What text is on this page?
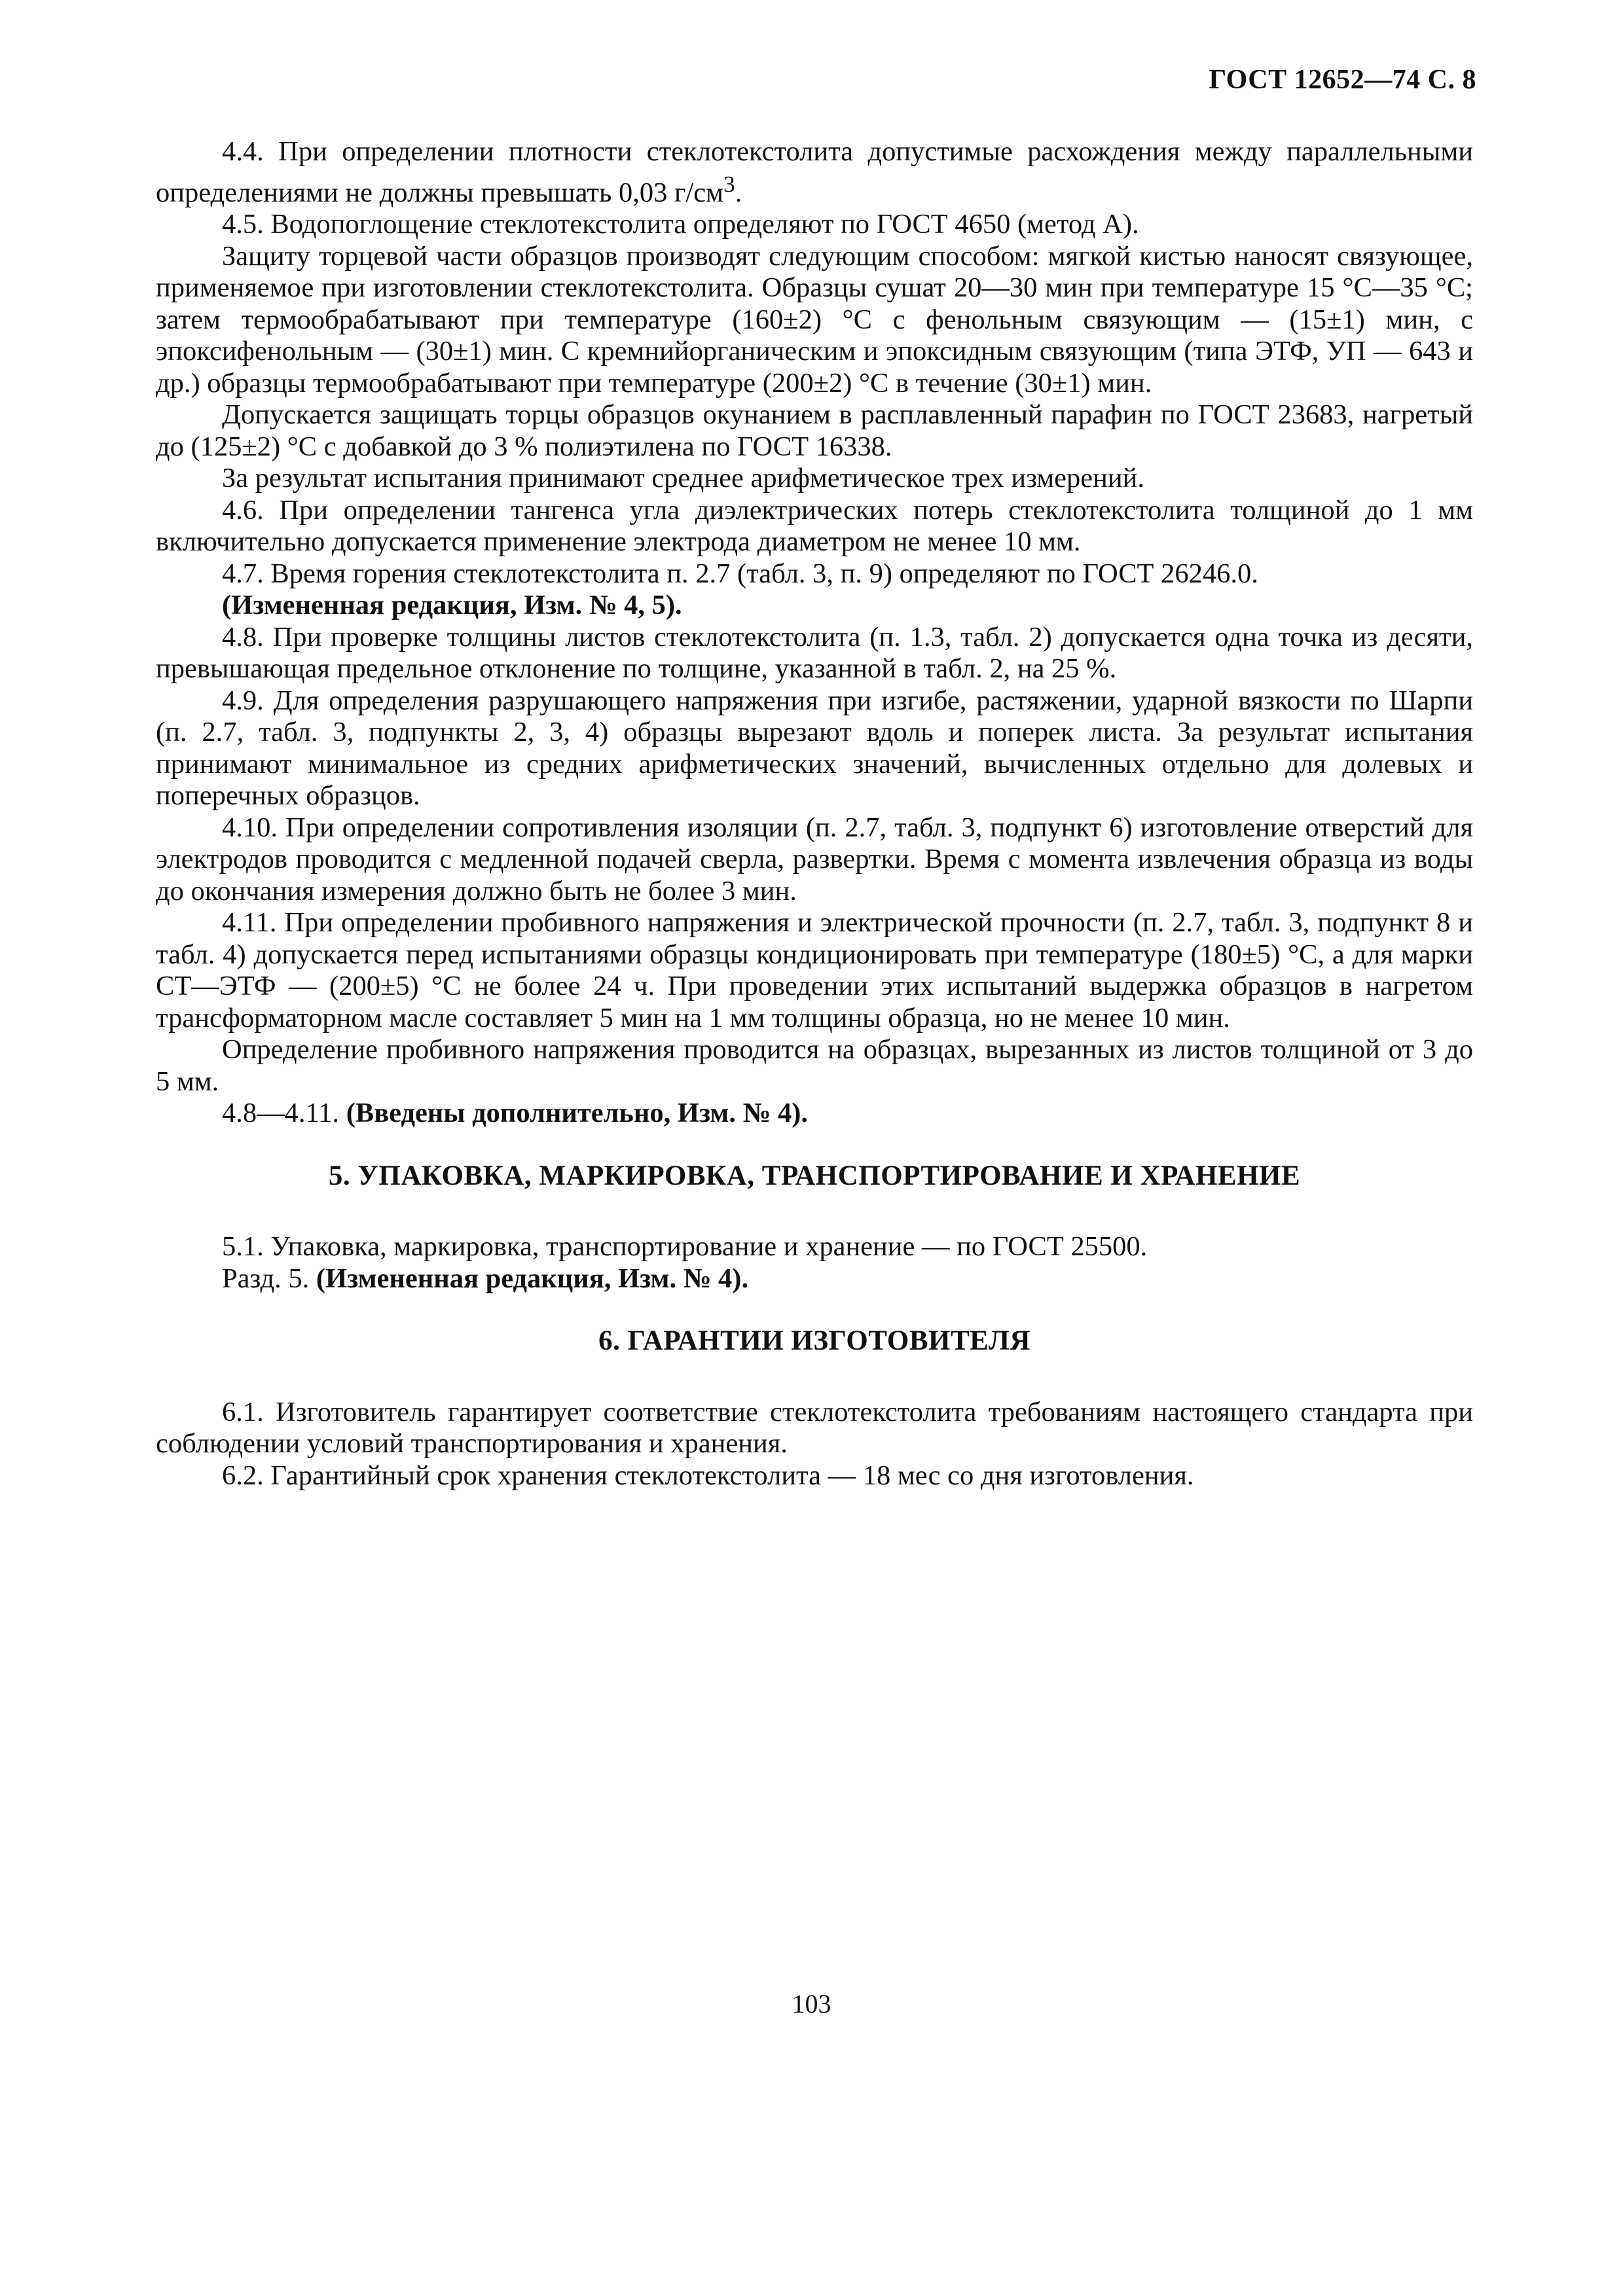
ГОСТ 12652—74 С. 8

4.4. При определении плотности стеклотекстолита допустимые расхождения между параллельными определениями не должны превышать 0,03 $г/см^3$.

4.5. Водопоглощение стеклотекстолита определяют по ГОСТ 4650 (метод А).

Защиту торцевой части образцов производят следующим способом: мягкой кистью наносят связующее, применяемое при изготовлении стеклотекстолита. Образцы сушат 20—30 мин при температуре 15 °С—35 °С; затем термообрабатывают при температуре (160±2) °С с фенольным связующим — (15±1) мин, с эпоксифенольным — (30±1) мин. С кремнийорганическим и эпоксидным связующим (типа ЭТФ, УП — 643 и др.) образцы термообрабатывают при температуре (200±2) °С в течение (30±1) мин.

Допускается защищать торцы образцов окунанием в расплавленный парафин по ГОСТ 23683, нагретый до (125±2) °С с добавкой до 3 % полиэтилена по ГОСТ 16338.

За результат испытания принимают среднее арифметическое трех измерений.

4.6. При определении тангенса угла диэлектрических потерь стеклотекстолита толщиной до 1 мм включительно допускается применение электрода диаметром не менее 10 мм.

4.7. Время горения стеклотекстолита п. 2.7 (табл. 3, п. 9) определяют по ГОСТ 26246.0.

(Измененная редакция, Изм. № 4, 5).

4.8. При проверке толщины листов стеклотекстолита (п. 1.3, табл. 2) допускается одна точка из десяти, превышающая предельное отклонение по толщине, указанной в табл. 2, на 25 %.

4.9. Для определения разрушающего напряжения при изгибе, растяжении, ударной вязкости по Шарпи (п. 2.7, табл. 3, подпункты 2, 3, 4) образцы вырезают вдоль и поперек листа. За результат испытания принимают минимальное из средних арифметических значений, вычисленных отдельно для долевых и поперечных образцов.

4.10. При определении сопротивления изоляции (п. 2.7, табл. 3, подпункт 6) изготовление отверстий для электродов проводится с медленной подачей сверла, развертки. Время с момента извлечения образца из воды до окончания измерения должно быть не более 3 мин.

4.11. При определении пробивного напряжения и электрической прочности (п. 2.7, табл. 3, подпункт 8 и табл. 4) допускается перед испытаниями образцы кондиционировать при температуре (180±5) °С, а для марки СТ—ЭТФ — (200±5) °С не более 24 ч. При проведении этих испытаний выдержка образцов в нагретом трансформаторном масле составляет 5 мин на 1 мм толщины образца, но не менее 10 мин.

Определение пробивного напряжения проводится на образцах, вырезанных из листов толщиной от 3 до 5 мм.

4.8—4.11. (Введены дополнительно, Изм. № 4).

5. УПАКОВКА, МАРКИРОВКА, ТРАНСПОРТИРОВАНИЕ И ХРАНЕНИЕ

5.1. Упаковка, маркировка, транспортирование и хранение — по ГОСТ 25500.

Разд. 5. (Измененная редакция, Изм. № 4).

6. ГАРАНТИИ ИЗГОТОВИТЕЛЯ

6.1. Изготовитель гарантирует соответствие стеклотекстолита требованиям настоящего стандарта при соблюдении условий транспортирования и хранения.

6.2. Гарантийный срок хранения стеклотекстолита — 18 мес со дня изготовления.

103
